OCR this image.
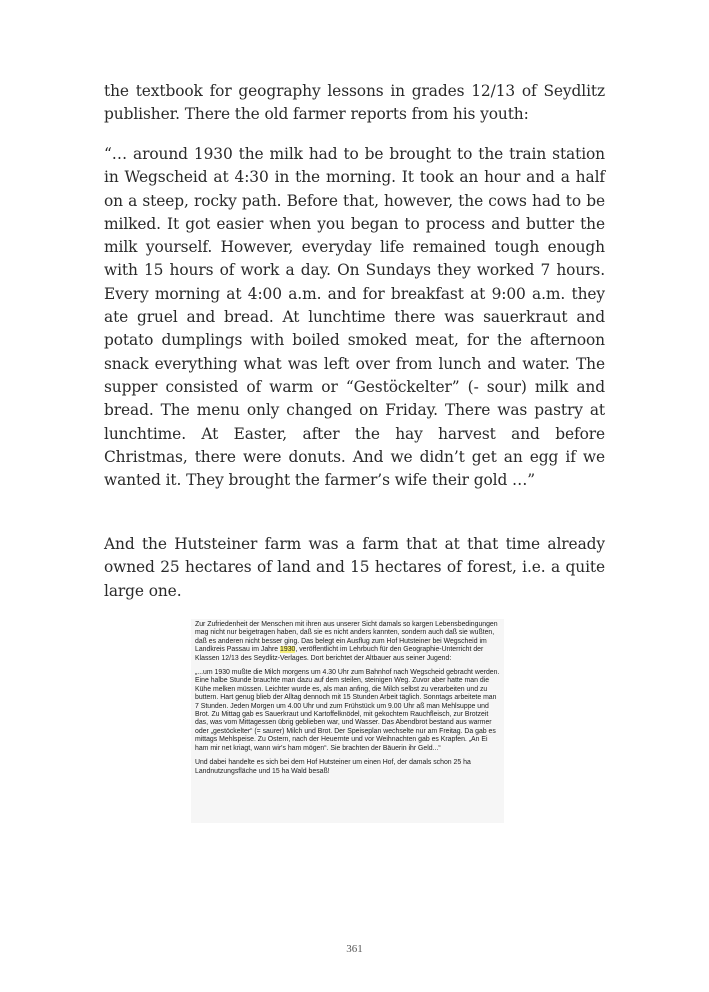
the textbook for geography lessons in grades 12/13 of Seydlitz publisher. There the old farmer reports from his youth:
“… around 1930 the milk had to be brought to the train station in Wegscheid at 4:30 in the morning. It took an hour and a half on a steep, rocky path. Before that, however, the cows had to be milked. It got easier when you began to process and butter the milk yourself. However, everyday life remained tough enough with 15 hours of work a day. On Sundays they worked 7 hours. Every morning at 4:00 a.m. and for breakfast at 9:00 a.m. they ate gruel and bread. At lunchtime there was sauerkraut and potato dumplings with boiled smoked meat, for the afternoon snack everything what was left over from lunch and water. The supper consisted of warm or “Gestöckelter” (- sour) milk and bread. The menu only changed on Friday. There was pastry at lunchtime. At Easter, after the hay harvest and before Christmas, there were donuts. And we didn’t get an egg if we wanted it. They brought the farmer’s wife their gold …”
And the Hutsteiner farm was a farm that at that time already owned 25 hectares of land and 15 hectares of forest, i.e. a quite large one.

Zur Zufriedenheit der Menschen mit ihren aus unserer Sicht damals so kargen Lebensbedingungen mag nicht nur beigetragen haben, daß sie es nicht anders kannten, sondern auch daß sie wußten, daß es anderen nicht besser ging. Das belegt ein Ausflug zum Hof Hutsteiner bei Wegscheid im Landkreis Passau im Jahre 1930, veröffentlicht im Lehrbuch für den Geographie-Unterricht der Klassen 12/13 des Seydlitz-Verlages. Dort berichtet der Altbauer aus seiner Jugend:

„...um 1930 mußte die Milch morgens um 4.30 Uhr zum Bahnhof nach Wegscheid gebracht werden. Eine halbe Stunde brauchte man dazu auf dem steilen, steinigen Weg. Zuvor aber hatte man die Kühe melken müssen. Leichter wurde es, als man anfing, die Milch selbst zu verarbeiten und zu buttern. Hart genug blieb der Alltag dennoch mit 15 Stunden Arbeit täglich. Sonntags arbeitete man 7 Stunden. Jeden Morgen um 4.00 Uhr und zum Frühstück um 9.00 Uhr aß man Mehlsuppe und Brot. Zu Mittag gab es Sauerkraut und Kartoffelknödel, mit gekochtem Rauchfleisch, zur Brotzeit das, was vom Mittagessen übrig geblieben war, und Wasser. Das Abendbrot bestand aus warmer oder „gestöckelter“ (= saurer) Milch und Brot. Der Speiseplan wechselte nur am Freitag. Da gab es mittags Mehlspeise. Zu Ostern, nach der Heuernte und vor Weihnachten gab es Krapfen. „An Ei ham mir net kriagt, wann wir's ham mögen“. Sie brachten der Bäuerin ihr Geld...“

Und dabei handelte es sich bei dem Hof Hutsteiner um einen Hof, der damals schon 25 ha Landnutzungsfläche und 15 ha Wald besaß!

361
